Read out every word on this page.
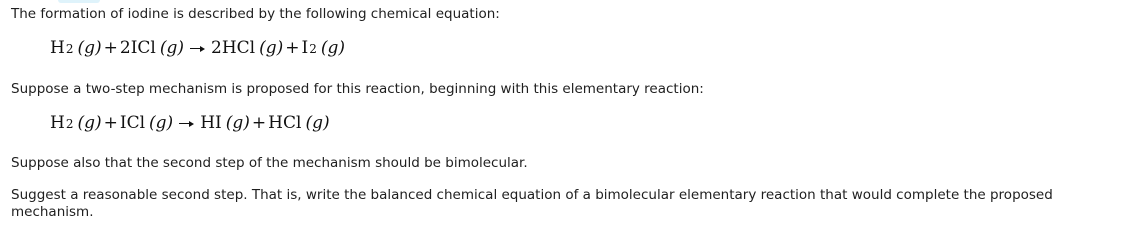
The formation of iodine is described by the following chemical equation:
H 2 (g) + 2ICl (g) 2HCl (g) + I 2 (g)
Suppose a two-step mechanism is proposed for this reaction, beginning with this elementary reaction:
H 2 (g) + ICl (g) HI (g) + HCl (g)
Suppose also that the second step of the mechanism should be bimolecular.
Suggest a reasonable second step. That is, write the balanced chemical equation of a bimolecular elementary reaction that would complete the proposed mechanism.
